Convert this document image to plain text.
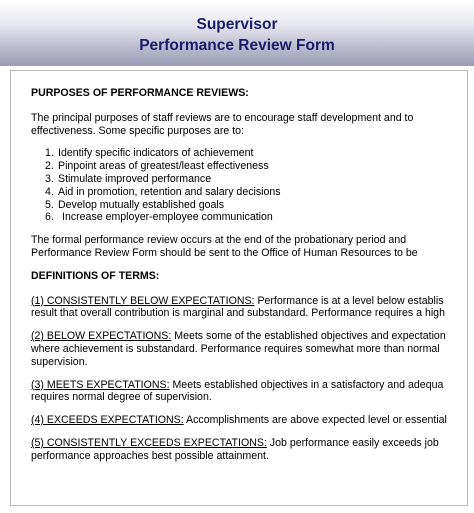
Supervisor
Performance Review Form

PURPOSES OF PERFORMANCE REVIEWS:

The principal purposes of staff reviews are to encourage staff development and to

effectiveness. Some specific purposes are to:

1. Identify specific indicators of achievement
2. Pinpoint areas of greatest/least effectiveness
3. Stimulate improved performance
4. Aid in promotion, retention and salary decisions
5. Develop mutually established goals
6. Increase employer-employee communication

The formal performance review occurs at the end of the probationary period and

Performance Review Form should be sent to the Office of Human Resources to be

DEFINITIONS OF TERMS:

(1) CONSISTENTLY BELOW EXPECTATIONS: Performance is at a level below establis

result that overall contribution is marginal and substandard. Performance requires a high

(2) BELOW EXPECTATIONS: Meets some of the established objectives and expectation

where achievement is substandard. Performance requires somewhat more than normal

supervision.

(3) MEETS EXPECTATIONS: Meets established objectives in a satisfactory and adequa

requires normal degree of supervision.

(4) EXCEEDS EXPECTATIONS: Accomplishments are above expected level or essential

(5) CONSISTENTLY EXCEEDS EXPECTATIONS: Job performance easily exceeds job

performance approaches best possible attainment.
